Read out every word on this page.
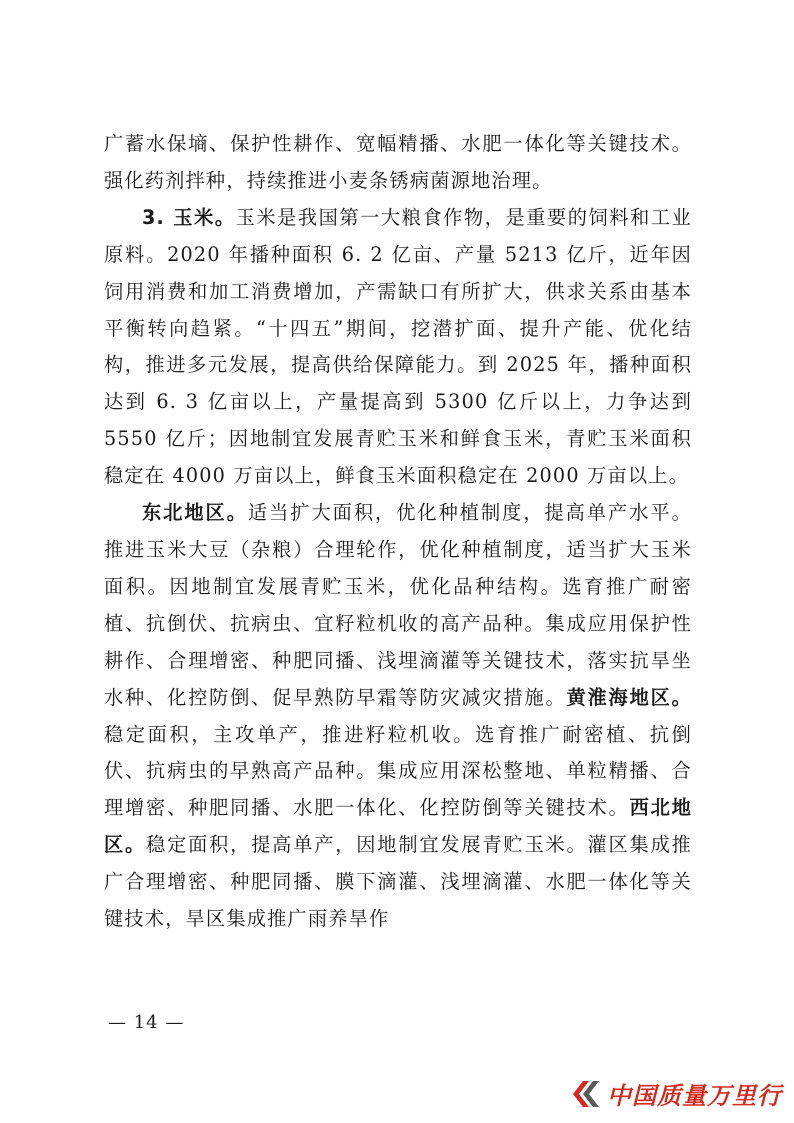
广蓄水保墒、保护性耕作、宽幅精播、水肥一体化等关键技术。强化药剂拌种，持续推进小麦条锈病菌源地治理。

3. 玉米。玉米是我国第一大粮食作物，是重要的饲料和工业原料。2020 年播种面积 6. 2 亿亩、产量 5213 亿斤，近年因饲用消费和加工消费增加，产需缺口有所扩大，供求关系由基本平衡转向趋紧。“十四五”期间，挖潜扩面、提升产能、优化结构，推进多元发展，提高供给保障能力。到 2025 年，播种面积达到 6. 3 亿亩以上，产量提高到 5300 亿斤以上，力争达到 5550 亿斤；因地制宜发展青贮玉米和鲜食玉米，青贮玉米面积稳定在 4000 万亩以上，鲜食玉米面积稳定在 2000 万亩以上。

东北地区。适当扩大面积，优化种植制度，提高单产水平。推进玉米大豆（杂粮）合理轮作，优化种植制度，适当扩大玉米面积。因地制宜发展青贮玉米，优化品种结构。选育推广耐密植、抗倒伏、抗病虫、宜籽粒机收的高产品种。集成应用保护性耕作、合理增密、种肥同播、浅埋滴灌等关键技术，落实抗旱坐水种、化控防倒、促早熟防早霜等防灾减灾措施。黄淮海地区。稳定面积，主攻单产，推进籽粒机收。选育推广耐密植、抗倒伏、抗病虫的早熟高产品种。集成应用深松整地、单粒精播、合理增密、种肥同播、水肥一体化、化控防倒等关键技术。西北地区。稳定面积，提高单产，因地制宜发展青贮玉米。灌区集成推广合理增密、种肥同播、膜下滴灌、浅埋滴灌、水肥一体化等关键技术，旱区集成推广雨养旱作

— 14 —
中国质量万里行
